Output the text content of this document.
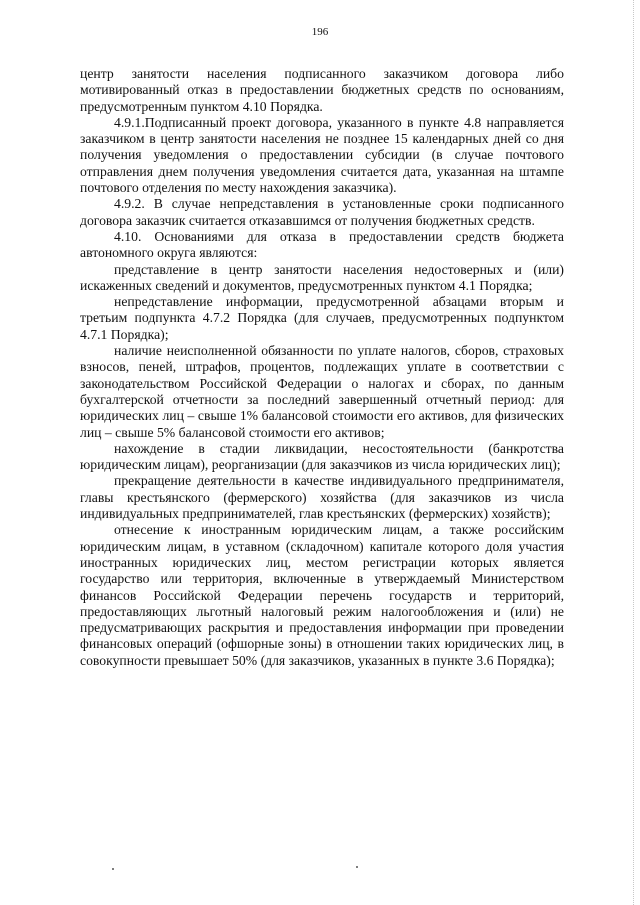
196

центр занятости населения подписанного заказчиком договора либо мотивированный отказ в предоставлении бюджетных средств по основаниям, предусмотренным пунктом 4.10 Порядка.

4.9.1.Подписанный проект договора, указанного в пункте 4.8 направляется заказчиком в центр занятости населения не позднее 15 календарных дней со дня получения уведомления о предоставлении субсидии (в случае почтового отправления днем получения уведомления считается дата, указанная на штампе почтового отделения по месту нахождения заказчика).

4.9.2. В случае непредставления в установленные сроки подписанного договора заказчик считается отказавшимся от получения бюджетных средств.

4.10. Основаниями для отказа в предоставлении средств бюджета автономного округа являются:

представление в центр занятости населения недостоверных и (или) искаженных сведений и документов, предусмотренных пунктом 4.1 Порядка;

непредставление информации, предусмотренной абзацами вторым и третьим подпункта 4.7.2 Порядка (для случаев, предусмотренных подпунктом 4.7.1 Порядка);

наличие неисполненной обязанности по уплате налогов, сборов, страховых взносов, пеней, штрафов, процентов, подлежащих уплате в соответствии с законодательством Российской Федерации о налогах и сборах, по данным бухгалтерской отчетности за последний завершенный отчетный период: для юридических лиц – свыше 1% балансовой стоимости его активов, для физических лиц – свыше 5% балансовой стоимости его активов;

нахождение в стадии ликвидации, несостоятельности (банкротства юридическим лицам), реорганизации (для заказчиков из числа юридических лиц);

прекращение деятельности в качестве индивидуального предпринимателя, главы крестьянского (фермерского) хозяйства (для заказчиков из числа индивидуальных предпринимателей, глав крестьянских (фермерских) хозяйств);

отнесение к иностранным юридическим лицам, а также российским юридическим лицам, в уставном (складочном) капитале которого доля участия иностранных юридических лиц, местом регистрации которых является государство или территория, включенные в утверждаемый Министерством финансов Российской Федерации перечень государств и территорий, предоставляющих льготный налоговый режим налогообложения и (или) не предусматривающих раскрытия и предоставления информации при проведении финансовых операций (офшорные зоны) в отношении таких юридических лиц, в совокупности превышает 50% (для заказчиков, указанных в пункте 3.6 Порядка);
